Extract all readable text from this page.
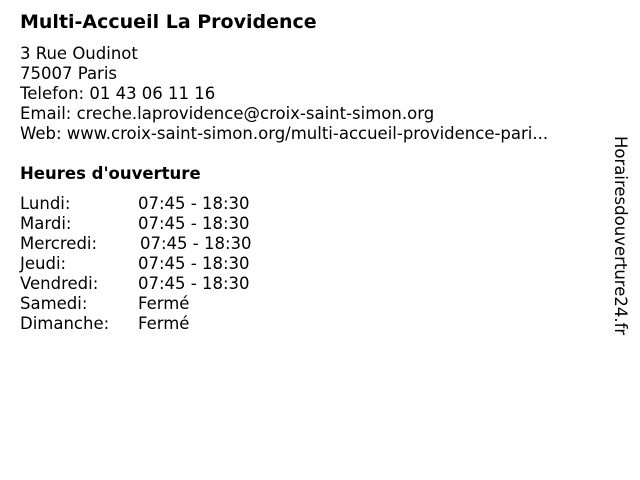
Multi-Accueil La Providence
3 Rue Oudinot
75007 Paris
Telefon: 01 43 06 11 16
Email: creche.laprovidence@croix-saint-simon.org
Web: www.croix-saint-simon.org/multi-accueil-providence-pari...
Heures d'ouverture
Lundi:	07:45 - 18:30
Mardi:	07:45 - 18:30
Mercredi:	07:45 - 18:30
Jeudi:	07:45 - 18:30
Vendredi: 07:45 - 18:30
Samedi:	Fermé
Dimanche: Fermé	Horairesdouverture24.fr
